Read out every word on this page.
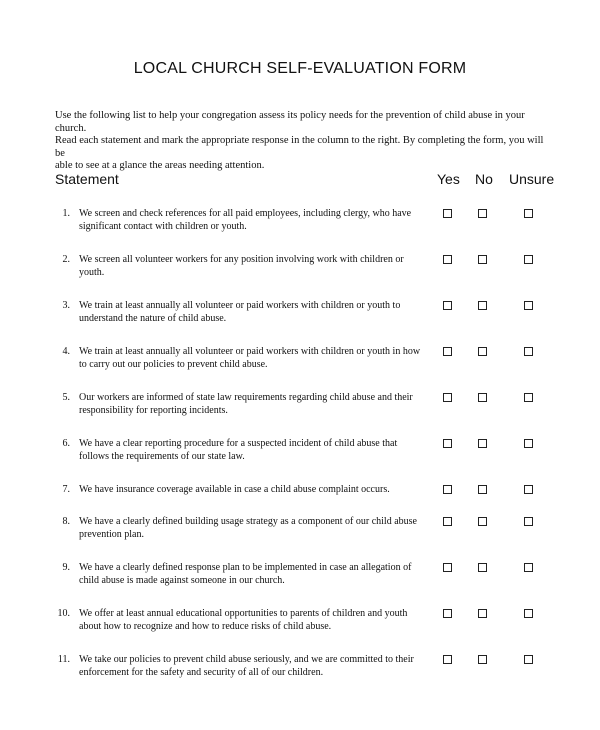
LOCAL CHURCH SELF-EVALUATION FORM

Use the following list to help your congregation assess its policy needs for the prevention of child abuse in your church.

Read each statement and mark the appropriate response in the column to the right. By completing the form, you will be

able to see at a glance the areas needing attention.

Statement	Yes No Unsure
1. We screen and check references for all paid employees, including clergy, who have
significant contact with children or youth.
2. We screen all volunteer workers for any position involving work with children or
youth.
3. We train at least annually all volunteer or paid workers with children or youth to
understand the nature of child abuse.
4. We train at least annually all volunteer or paid workers with children or youth in how
to carry out our policies to prevent child abuse.
5. Our workers are informed of state law requirements regarding child abuse and their
responsibility for reporting incidents.
6. We have a clear reporting procedure for a suspected incident of child abuse that
follows the requirements of our state law.
7. We have insurance coverage available in case a child abuse complaint occurs.
8. We have a clearly defined building usage strategy as a component of our child abuse
prevention plan.
9. We have a clearly defined response plan to be implemented in case an allegation of
child abuse is made against someone in our church.
10. We offer at least annual educational opportunities to parents of children and youth
about how to recognize and how to reduce risks of child abuse.
11. We take our policies to prevent child abuse seriously, and we are committed to their
enforcement for the safety and security of all of our children.
